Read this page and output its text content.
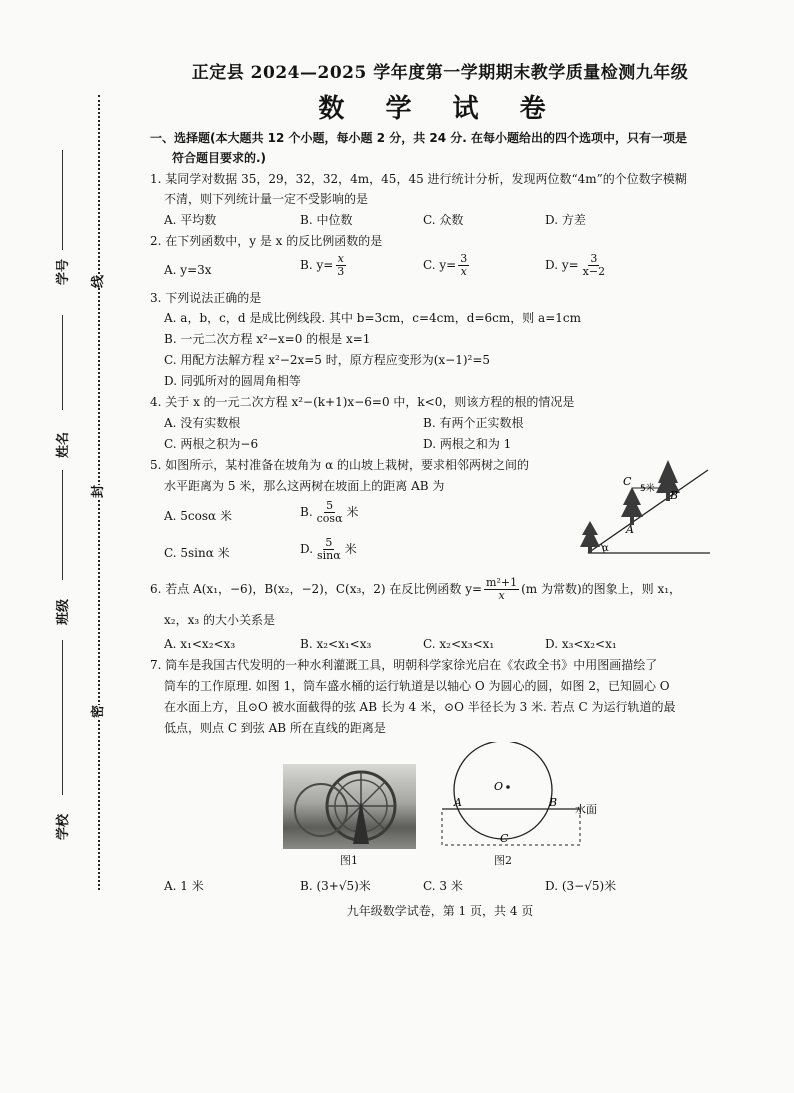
学号
姓名
班级
学校
线
封
密
正定县 2024—2025 学年度第一学期期末教学质量检测九年级
数 学 试 卷
一、选择题(本大题共 12 个小题，每小题 2 分，共 24 分. 在每小题给出的四个选项中，只有一项是
符合题目要求的.)
1. 某同学对数据 35，29，32，32，4m，45，45 进行统计分析，发现两位数“4m”的个位数字模糊
不清，则下列统计量一定不受影响的是
A. 平均数	B. 中位数	C. 众数	D. 方差
2. 在下列函数中，y 是 x 的反比例函数的是
A. y=3x	B. $y= \frac{x}{3}$	C. $y= \frac{3}{x}$	D. $y= \frac{3}{x-2}$
3. 下列说法正确的是
A. a，b，c，d 是成比例线段. 其中 b=3cm，c=4cm，d=6cm，则 a=1cm
B. 一元二次方程 x²−x=0 的根是 x=1
C. 用配方法解方程 x²−2x=5 时，原方程应变形为(x−1)²=5
D. 同弧所对的圆周角相等
4. 关于 x 的一元二次方程 x²−(k+1)x−6=0 中，k<0，则该方程的根的情况是
A. 没有实数根	B. 有两个正实数根
C. 两根之积为−6	D. 两根之和为 1
5. 如图所示，某村准备在坡角为 α 的山坡上栽树，要求相邻两树之间的
水平距离为 5 米，那么这两树在坡面上的距离 AB 为
A. 5cosα 米	B. $\frac{5}{\cos\alpha}$ 米
C. 5sinα 米	D. $\frac{5}{\sin\alpha}$ 米
C
5米 B
A
α
6. 若点 A(x₁，−6)，B(x₂，−2)，C(x₃，2) 在反比例函数 $y= \frac{\text{m²+1}}{x} (m$ 为常数)的图象上，则 x₁，
x₂，x₃ 的大小关系是
A. x₁<x₂<x₃	B. x₂<x₁<x₃	C. x₂<x₃<x₁	D. x₃<x₂<x₁
7. 筒车是我国古代发明的一种水利灌溉工具，明朝科学家徐光启在《农政全书》中用图画描绘了
筒车的工作原理. 如图 1，筒车盛水桶的运行轨道是以轴心 O 为圆心的圆，如图 2，已知圆心 O
在水面上方，且⊙O 被水面截得的弦 AB 长为 4 米，⊙O 半径长为 3 米. 若点 C 为运行轨道的最
低点，则点 C 到弦 AB 所在直线的距离是
图1
O
A	B
C
水面
图2
A. 1 米	B. (3+√5)米	C. 3 米	D. (3−√5)米
九年级数学试卷，第 1 页，共 4 页
